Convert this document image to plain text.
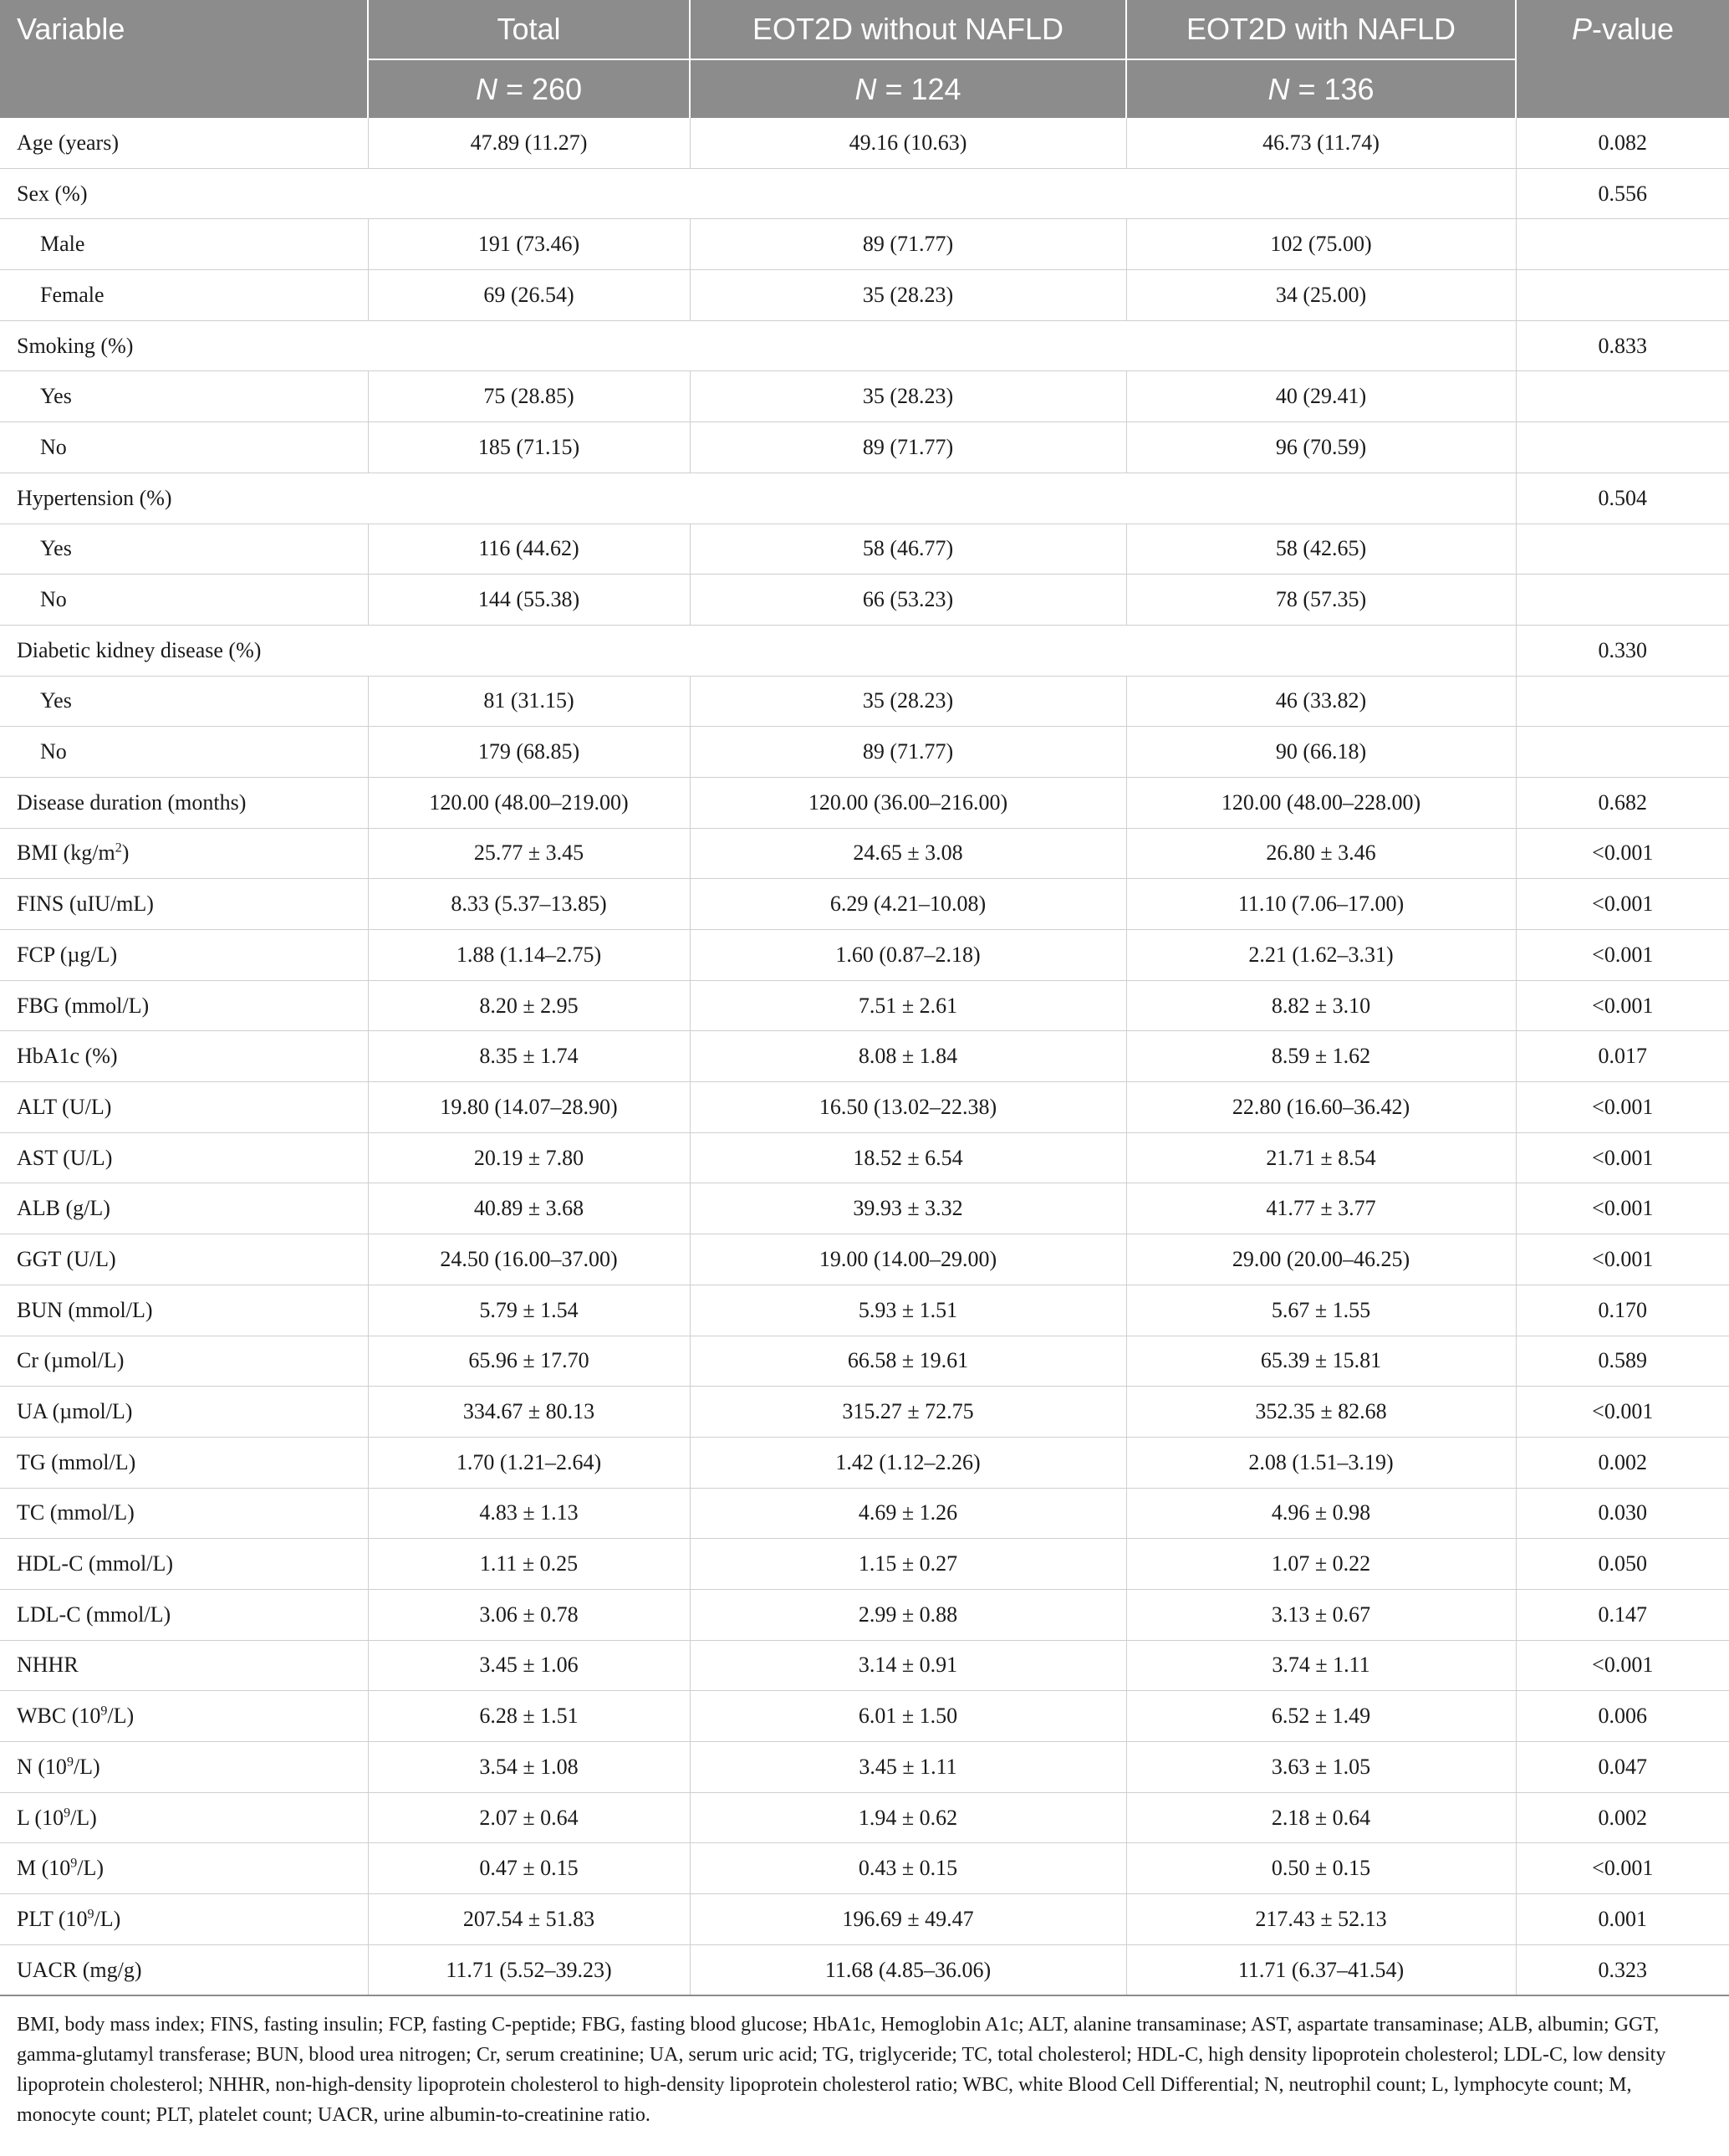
Variable	Total	EOT2D without NAFLD	EOT2D with NAFLD	P-value
	N = 260	N = 124	N = 136	
Age (years)	47.89 (11.27)	49.16 (10.63)	46.73 (11.74)	0.082
Sex (%)				0.556
Male	191 (73.46)	89 (71.77)	102 (75.00)	
Female	69 (26.54)	35 (28.23)	34 (25.00)	
Smoking (%)				0.833
Yes	75 (28.85)	35 (28.23)	40 (29.41)	
No	185 (71.15)	89 (71.77)	96 (70.59)	
Hypertension (%)				0.504
Yes	116 (44.62)	58 (46.77)	58 (42.65)	
No	144 (55.38)	66 (53.23)	78 (57.35)	
Diabetic kidney disease (%)				0.330
Yes	81 (31.15)	35 (28.23)	46 (33.82)	
No	179 (68.85)	89 (71.77)	90 (66.18)	
Disease duration (months)	120.00 (48.00–219.00)	120.00 (36.00–216.00)	120.00 (48.00–228.00)	0.682
BMI $(kg/m^2)$	25.77 ± 3.45	24.65 ± 3.08	26.80 ± 3.46	<0.001
FINS (uIU/mL)	8.33 (5.37–13.85)	6.29 (4.21–10.08)	11.10 (7.06–17.00)	<0.001
FCP (µg/L)	1.88 (1.14–2.75)	1.60 (0.87–2.18)	2.21 (1.62–3.31)	<0.001
FBG (mmol/L)	8.20 ± 2.95	7.51 ± 2.61	8.82 ± 3.10	<0.001
HbA1c (%)	8.35 ± 1.74	8.08 ± 1.84	8.59 ± 1.62	0.017
ALT (U/L)	19.80 (14.07–28.90)	16.50 (13.02–22.38)	22.80 (16.60–36.42)	<0.001
AST (U/L)	20.19 ± 7.80	18.52 ± 6.54	21.71 ± 8.54	<0.001
ALB (g/L)	40.89 ± 3.68	39.93 ± 3.32	41.77 ± 3.77	<0.001
GGT (U/L)	24.50 (16.00–37.00)	19.00 (14.00–29.00)	29.00 (20.00–46.25)	<0.001
BUN (mmol/L)	5.79 ± 1.54	5.93 ± 1.51	5.67 ± 1.55	0.170
Cr (µmol/L)	65.96 ± 17.70	66.58 ± 19.61	65.39 ± 15.81	0.589
UA (µmol/L)	334.67 ± 80.13	315.27 ± 72.75	352.35 ± 82.68	<0.001
TG (mmol/L)	1.70 (1.21–2.64)	1.42 (1.12–2.26)	2.08 (1.51–3.19)	0.002
TC (mmol/L)	4.83 ± 1.13	4.69 ± 1.26	4.96 ± 0.98	0.030
HDL-C (mmol/L)	1.11 ± 0.25	1.15 ± 0.27	1.07 ± 0.22	0.050
LDL-C (mmol/L)	3.06 ± 0.78	2.99 ± 0.88	3.13 ± 0.67	0.147
NHHR	3.45 ± 1.06	3.14 ± 0.91	3.74 ± 1.11	<0.001
WBC $(10^9/L)$	6.28 ± 1.51	6.01 ± 1.50	6.52 ± 1.49	0.006
N $(10^9/L)$	3.54 ± 1.08	3.45 ± 1.11	3.63 ± 1.05	0.047
L $(10^9/L)$	2.07 ± 0.64	1.94 ± 0.62	2.18 ± 0.64	0.002
M $(10^9/L)$	0.47 ± 0.15	0.43 ± 0.15	0.50 ± 0.15	<0.001
PLT $(10^9/L)$	207.54 ± 51.83	196.69 ± 49.47	217.43 ± 52.13	0.001
UACR (mg/g)	11.71 (5.52–39.23)	11.68 (4.85–36.06)	11.71 (6.37–41.54)	0.323
BMI, body mass index; FINS, fasting insulin; FCP, fasting C-peptide; FBG, fasting blood glucose; HbA1c, Hemoglobin A1c; ALT, alanine transaminase; AST, aspartate transaminase; ALB, albumin; GGT, gamma-glutamyl transferase; BUN, blood urea nitrogen; Cr, serum creatinine; UA, serum uric acid; TG, triglyceride; TC, total cholesterol; HDL-C, high density lipoprotein cholesterol; LDL-C, low density lipoprotein cholesterol; NHHR, non-high-density lipoprotein cholesterol to high-density lipoprotein cholesterol ratio; WBC, white Blood Cell Differential; N, neutrophil count; L, lymphocyte count; M, monocyte count; PLT, platelet count; UACR, urine albumin-to-creatinine ratio.
